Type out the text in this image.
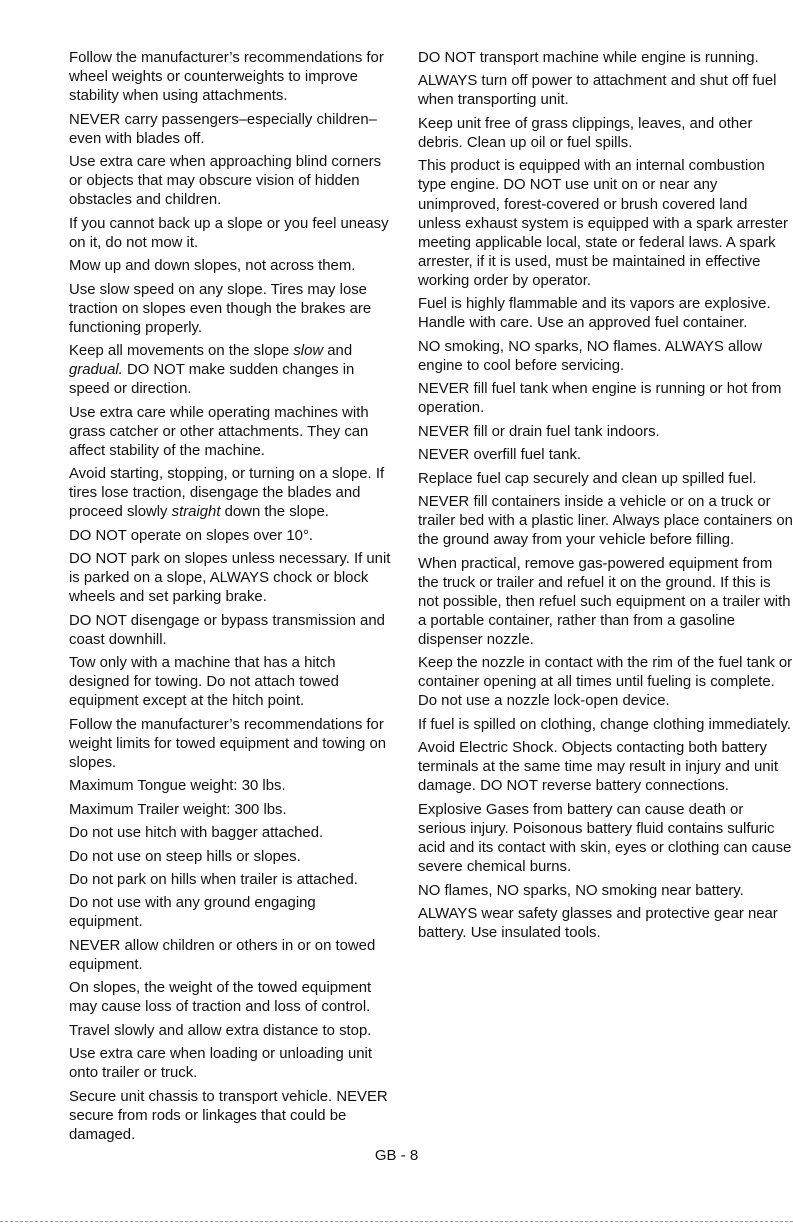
Follow the manufacturer’s recommendations for wheel weights or counterweights to improve stability when using attachments.

NEVER carry passengers–especially children–even with blades off.

Use extra care when approaching blind corners or objects that may obscure vision of hidden obstacles and children.

If you cannot back up a slope or you feel uneasy on it, do not mow it.

Mow up and down slopes, not across them.

Use slow speed on any slope. Tires may lose traction on slopes even though the brakes are functioning properly.

Keep all movements on the slope slow and gradual. DO NOT make sudden changes in speed or direction.

Use extra care while operating machines with grass catcher or other attachments. They can affect stability of the machine.

Avoid starting, stopping, or turning on a slope. If tires lose traction, disengage the blades and proceed slowly straight down the slope.

DO NOT operate on slopes over 10°.

DO NOT park on slopes unless necessary. If unit is parked on a slope, ALWAYS chock or block wheels and set parking brake.

DO NOT disengage or bypass transmission and coast downhill.

Tow only with a machine that has a hitch designed for towing. Do not attach towed equipment except at the hitch point.

Follow the manufacturer’s recommendations for weight limits for towed equipment and towing on slopes.

Maximum Tongue weight: 30 lbs.

Maximum Trailer weight: 300 lbs.

Do not use hitch with bagger attached.

Do not use on steep hills or slopes.

Do not park on hills when trailer is attached.

Do not use with any ground engaging equipment.

NEVER allow children or others in or on towed equipment.

On slopes, the weight of the towed equipment may cause loss of traction and loss of control.

Travel slowly and allow extra distance to stop.

Use extra care when loading or unloading unit onto trailer or truck.

Secure unit chassis to transport vehicle. NEVER secure from rods or linkages that could be damaged.

DO NOT transport machine while engine is running.

ALWAYS turn off power to attachment and shut off fuel when transporting unit.

Keep unit free of grass clippings, leaves, and other debris. Clean up oil or fuel spills.

This product is equipped with an internal combustion type engine. DO NOT use unit on or near any unimproved, forest-covered or brush covered land unless exhaust system is equipped with a spark arrester meeting applicable local, state or federal laws. A spark arrester, if it is used, must be maintained in effective working order by operator.

Fuel is highly flammable and its vapors are explosive. Handle with care. Use an approved fuel container.

NO smoking, NO sparks, NO flames. ALWAYS allow engine to cool before servicing.

NEVER fill fuel tank when engine is running or hot from operation.

NEVER fill or drain fuel tank indoors.

NEVER overfill fuel tank.

Replace fuel cap securely and clean up spilled fuel.

NEVER fill containers inside a vehicle or on a truck or trailer bed with a plastic liner. Always place containers on the ground away from your vehicle before filling.

When practical, remove gas-powered equipment from the truck or trailer and refuel it on the ground. If this is not possible, then refuel such equipment on a trailer with a portable container, rather than from a gasoline dispenser nozzle.

Keep the nozzle in contact with the rim of the fuel tank or container opening at all times until fueling is complete. Do not use a nozzle lock-open device.

If fuel is spilled on clothing, change clothing immediately.

Avoid Electric Shock. Objects contacting both battery terminals at the same time may result in injury and unit damage. DO NOT reverse battery connections.

Explosive Gases from battery can cause death or serious injury. Poisonous battery fluid contains sulfuric acid and its contact with skin, eyes or clothing can cause severe chemical burns.

NO flames, NO sparks, NO smoking near battery.

ALWAYS wear safety glasses and protective gear near battery. Use insulated tools.

GB - 8
